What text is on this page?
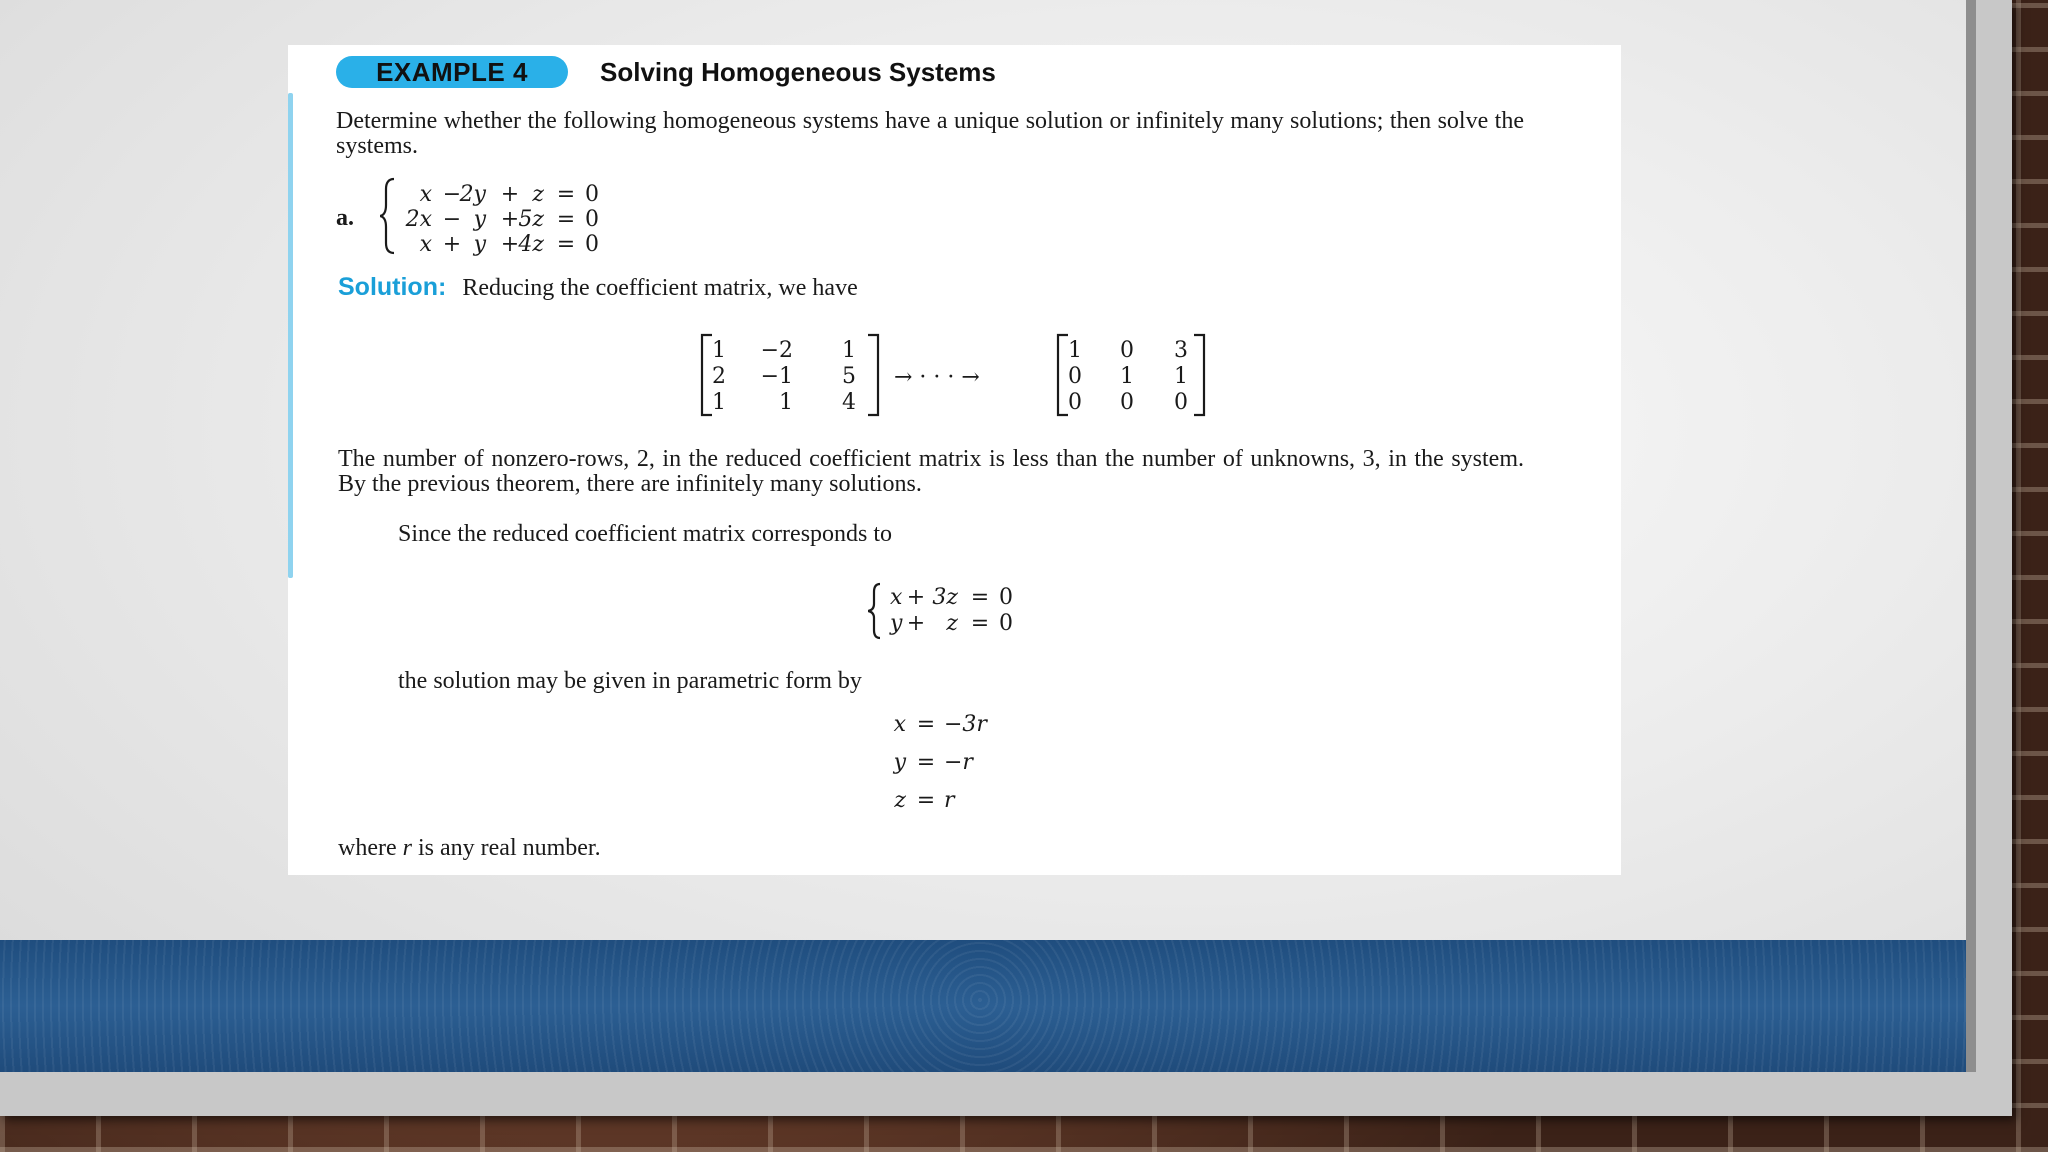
EXAMPLE 4	Solving Homogeneous Systems
Determine whether the following homogeneous systems have a unique solution or infinitely many solutions; then solve the systems.
a.
x −
2y + z = 0
2x − y + 5z = 0
x + y + 4z = 0
Solution: Reducing the coefficient matrix, we have
1 −2 1
2 −1 5
1 1 4
→ · · · →
1 0 3
0 1 1
0 0 0
The number of nonzero-rows, 2, in the reduced coefficient matrix is less than the number of unknowns, 3, in the system. By the previous theorem, there are infinitely many solutions.
Since the reduced coefficient matrix corresponds to
x + 3z = 0
y + z = 0
the solution may be given in parametric form by
x = −3r
y = −r
z = r
where r is any real number.
